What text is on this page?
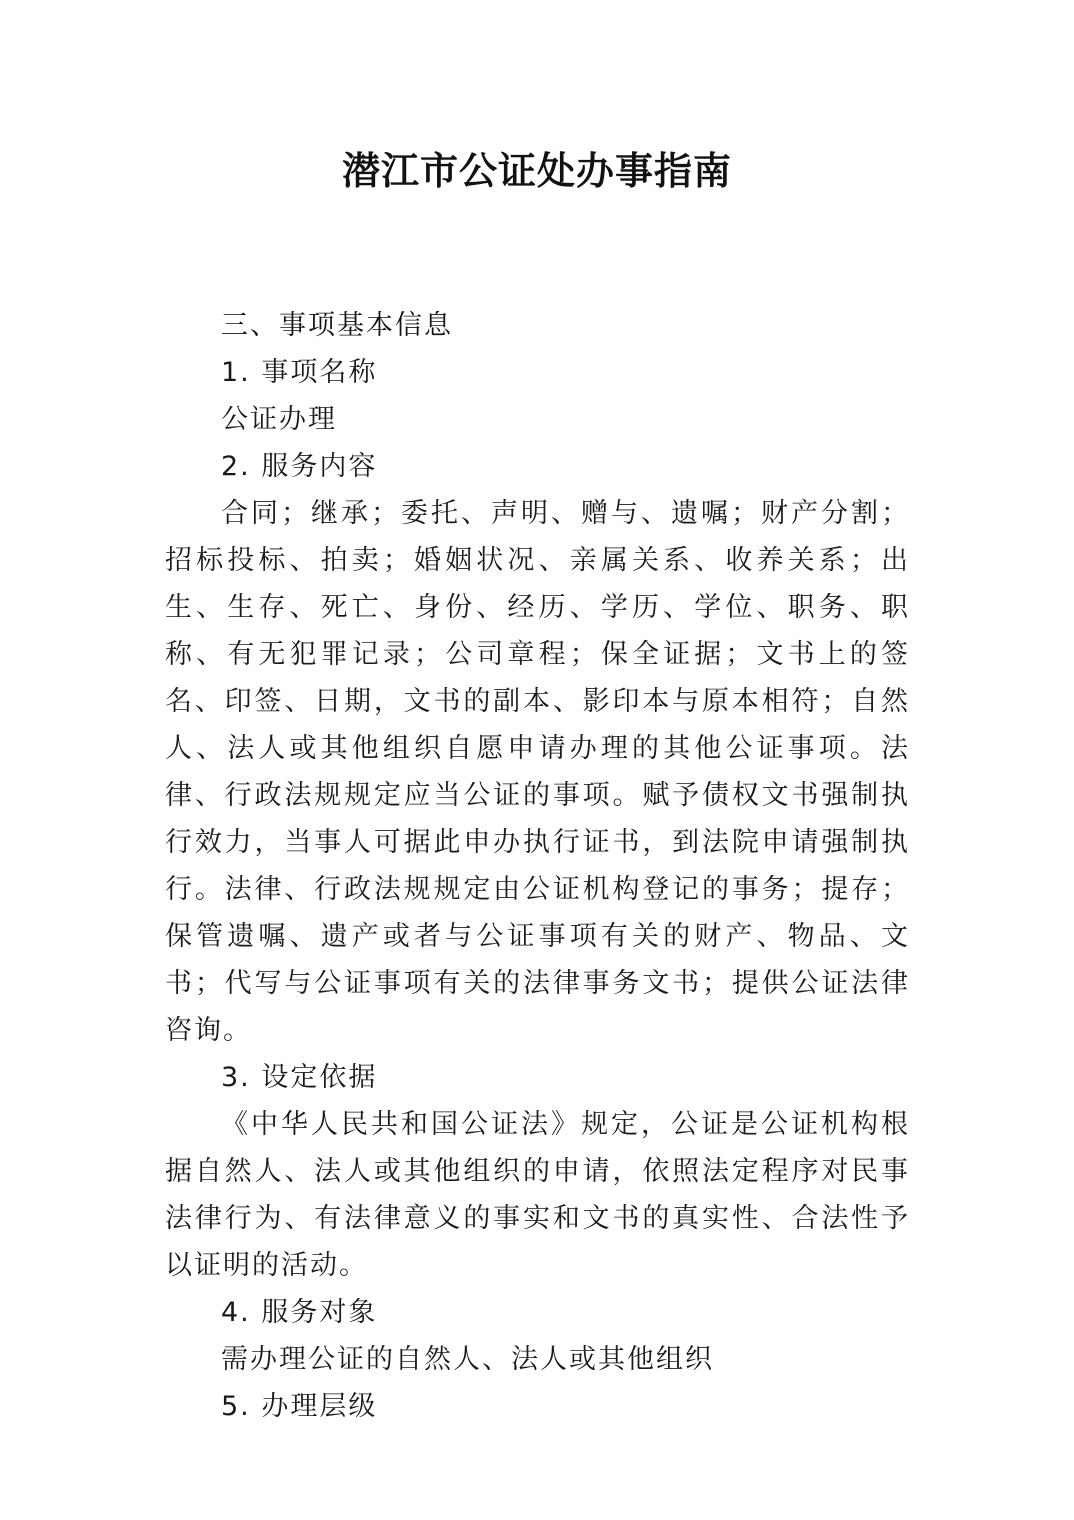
潜江市公证处办事指南

三、事项基本信息

1. 事项名称

公证办理

2. 服务内容

合同；继承；委托、声明、赠与、遗嘱；财产分割；招标投标、拍卖；婚姻状况、亲属关系、收养关系；出生、生存、死亡、身份、经历、学历、学位、职务、职称、有无犯罪记录；公司章程；保全证据；文书上的签名、印签、日期，文书的副本、影印本与原本相符；自然人、法人或其他组织自愿申请办理的其他公证事项。法律、行政法规规定应当公证的事项。赋予债权文书强制执行效力，当事人可据此申办执行证书，到法院申请强制执行。法律、行政法规规定由公证机构登记的事务；提存；保管遗嘱、遗产或者与公证事项有关的财产、物品、文书；代写与公证事项有关的法律事务文书；提供公证法律咨询。

3. 设定依据

《中华人民共和国公证法》规定，公证是公证机构根据自然人、法人或其他组织的申请，依照法定程序对民事法律行为、有法律意义的事实和文书的真实性、合法性予以证明的活动。

4. 服务对象

需办理公证的自然人、法人或其他组织

5. 办理层级
